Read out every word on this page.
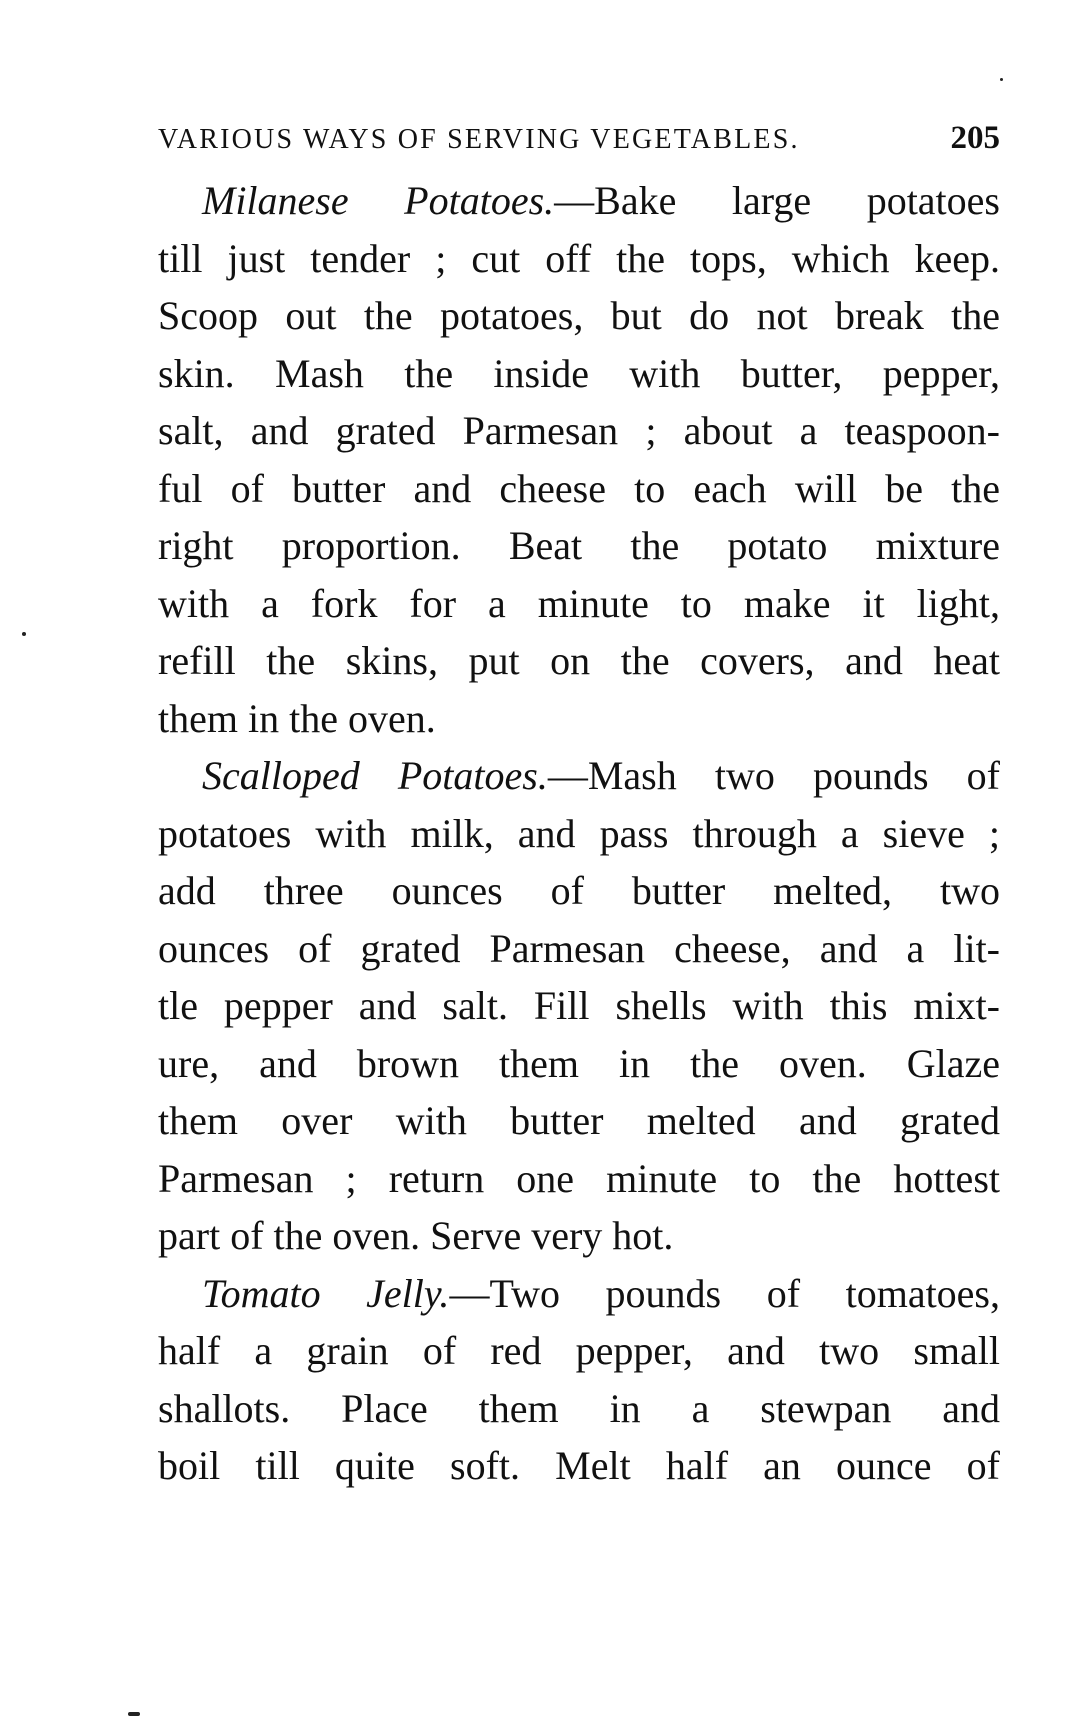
VARIOUS WAYS OF SERVING VEGETABLES.	205
Milanese Potatoes.—Bake large potatoes
till just tender ; cut off the tops, which keep.
Scoop out the potatoes, but do not break the
skin. Mash the inside with butter, pepper,
salt, and grated Parmesan ; about a teaspoon-
ful of butter and cheese to each will be the
right proportion. Beat the potato mixture
with a fork for a minute to make it light,
refill the skins, put on the covers, and heat
them in the oven.
Scalloped Potatoes.—Mash two pounds of
potatoes with milk, and pass through a sieve ;
add three ounces of butter melted, two
ounces of grated Parmesan cheese, and a lit-
tle pepper and salt. Fill shells with this mixt-
ure, and brown them in the oven. Glaze
them over with butter melted and grated
Parmesan ; return one minute to the hottest
part of the oven. Serve very hot.
Tomato Jelly.—Two pounds of tomatoes,
half a grain of red pepper, and two small
shallots. Place them in a stewpan and
boil till quite soft. Melt half an ounce of
